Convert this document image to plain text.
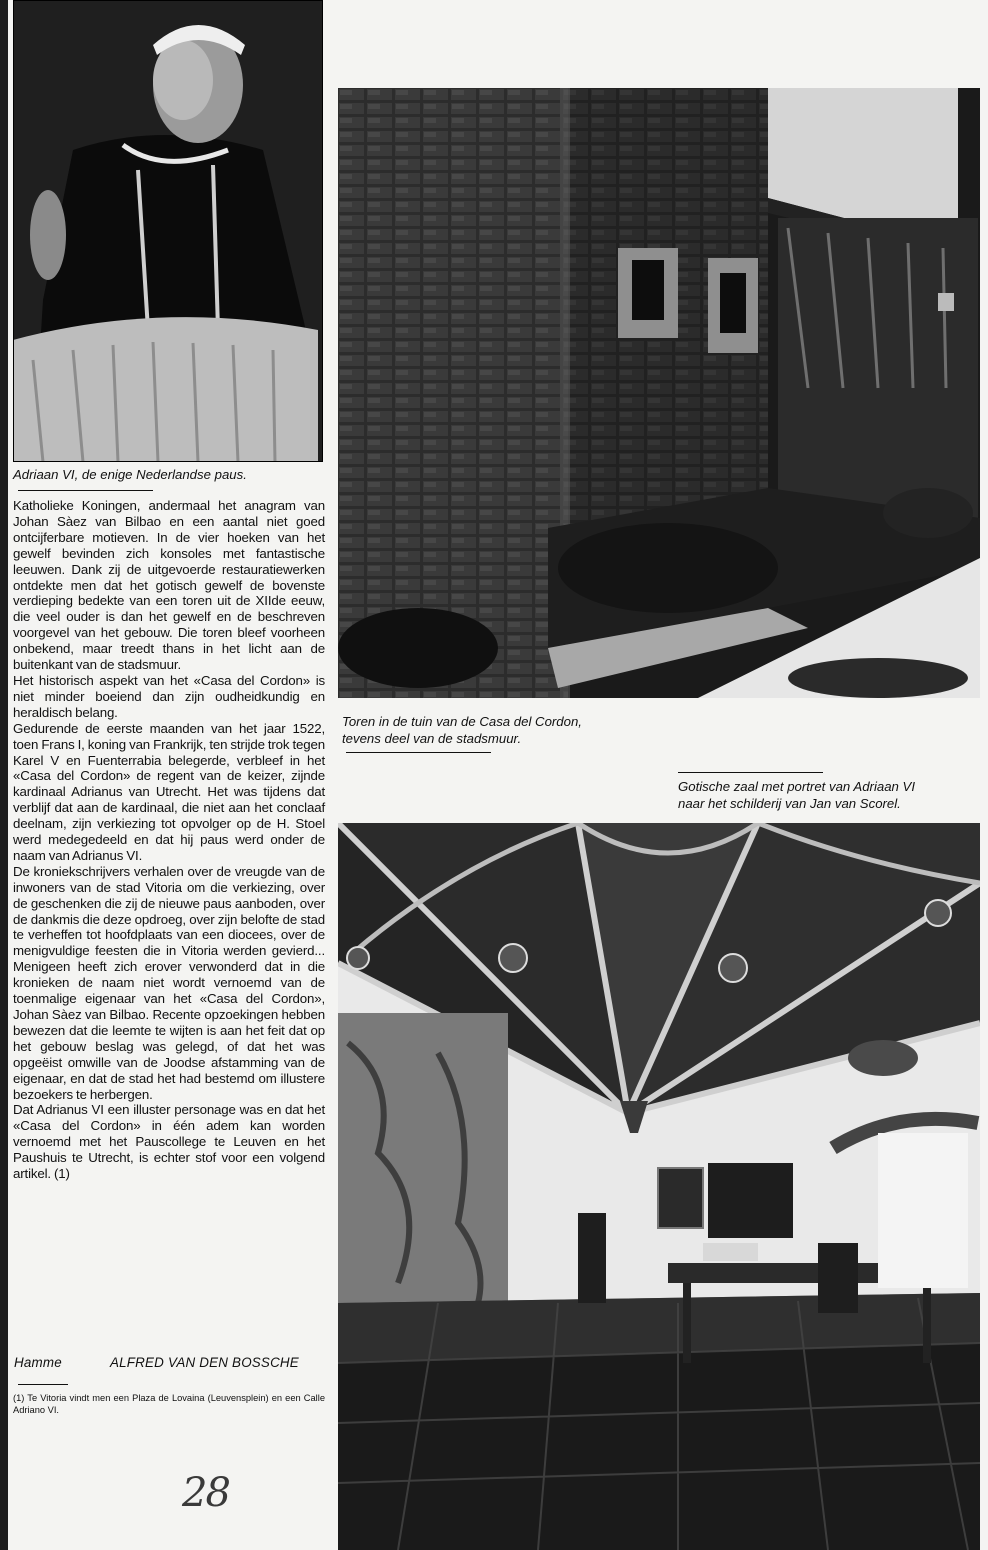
Adriaan VI, de enige Nederlandse paus.

Katholieke Koningen, andermaal het anagram van Johan Sàez van Bilbao en een aantal niet goed ontcijferbare motieven. In de vier hoeken van het gewelf bevinden zich konsoles met fantastische leeuwen. Dank zij de uitgevoerde restauratiewerken ontdekte men dat het gotisch gewelf de bovenste verdieping bedekte van een toren uit de XIIde eeuw, die veel ouder is dan het gewelf en de beschreven voorgevel van het gebouw. Die toren bleef voorheen onbekend, maar treedt thans in het licht aan de buitenkant van de stadsmuur.

Het historisch aspekt van het «Casa del Cordon» is niet minder boeiend dan zijn oudheidkundig en heraldisch belang.

Gedurende de eerste maanden van het jaar 1522, toen Frans I, koning van Frankrijk, ten strijde trok tegen Karel V en Fuenterrabia belegerde, verbleef in het «Casa del Cordon» de regent van de keizer, zijnde kardinaal Adrianus van Utrecht. Het was tijdens dat verblijf dat aan de kardinaal, die niet aan het conclaaf deelnam, zijn verkiezing tot opvolger op de H. Stoel werd medegedeeld en dat hij paus werd onder de naam van Adrianus VI.

De kroniekschrijvers verhalen over de vreugde van de inwoners van de stad Vitoria om die verkiezing, over de geschenken die zij de nieuwe paus aanboden, over de dankmis die deze opdroeg, over zijn belofte de stad te verheffen tot hoofdplaats van een diocees, over de menigvuldige feesten die in Vitoria werden gevierd... Menigeen heeft zich erover verwonderd dat in die kronieken de naam niet wordt vernoemd van de toenmalige eigenaar van het «Casa del Cordon», Johan Sàez van Bilbao. Recente opzoekingen hebben bewezen dat die leemte te wijten is aan het feit dat op het gebouw beslag was gelegd, of dat het was opgeëist omwille van de Joodse afstamming van de eigenaar, en dat de stad het had bestemd om illustere bezoekers te herbergen.

Dat Adrianus VI een illuster personage was en dat het «Casa del Cordon» in één adem kan worden vernoemd met het Pauscollege te Leuven en het Paushuis te Utrecht, is echter stof voor een volgend artikel. (1)

Hamme	ALFRED VAN DEN BOSSCHE
(1) Te Vitoria vindt men een Plaza de Lovaina (Leuvensplein) en een Calle Adriano VI.
28
Toren in de tuin van de Casa del Cordon,
tevens deel van de stadsmuur.
Gotische zaal met portret van Adriaan VI
naar het schilderij van Jan van Scorel.
